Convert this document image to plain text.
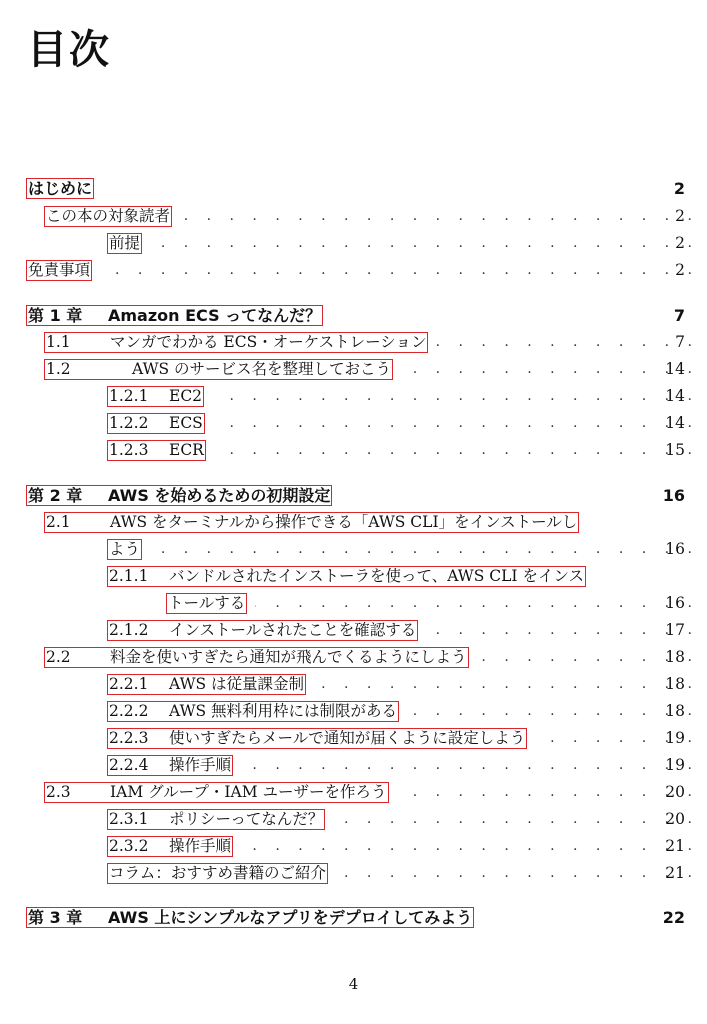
目次
はじめに	2
この本の対象読者 . . .	2
前提 . . .	2
免責事項 . . .	2
第 1 章	Amazon ECS ってなんだ？	7
1.1	マンガでわかる ECS・オーケストレーション . . .	7
1.2	AWS のサービス名を整理しておこう . . .	14
1.2.1	EC2 . . .	14
1.2.2	ECS . . .	14
1.2.3	ECR . . .	15
第 2 章	AWS を始めるための初期設定	16
2.1	AWS をターミナルから操作できる「AWS CLI」をインストールし
よう . . .	16
2.1.1	バンドルされたインストーラを使って、AWS CLI をインス
トールする . . .	16
2.1.2	インストールされたことを確認する . . .	17
2.2	料金を使いすぎたら通知が飛んでくるようにしよう . . .	18
2.2.1	AWS は従量課金制 . . .	18
2.2.2	AWS 無料利用枠には制限がある . . .	18
2.2.3	使いすぎたらメールで通知が届くように設定しよう . . .	19
2.2.4	操作手順 . . .	19
2.3	IAM グループ・IAM ユーザーを作ろう . . .	20
2.3.1	ポリシーってなんだ？ . . .	20
2.3.2	操作手順 . . .	21
コラム：おすすめ書籍のご紹介 . . .	21
第 3 章	AWS 上にシンプルなアプリをデプロイしてみよう	22
4
